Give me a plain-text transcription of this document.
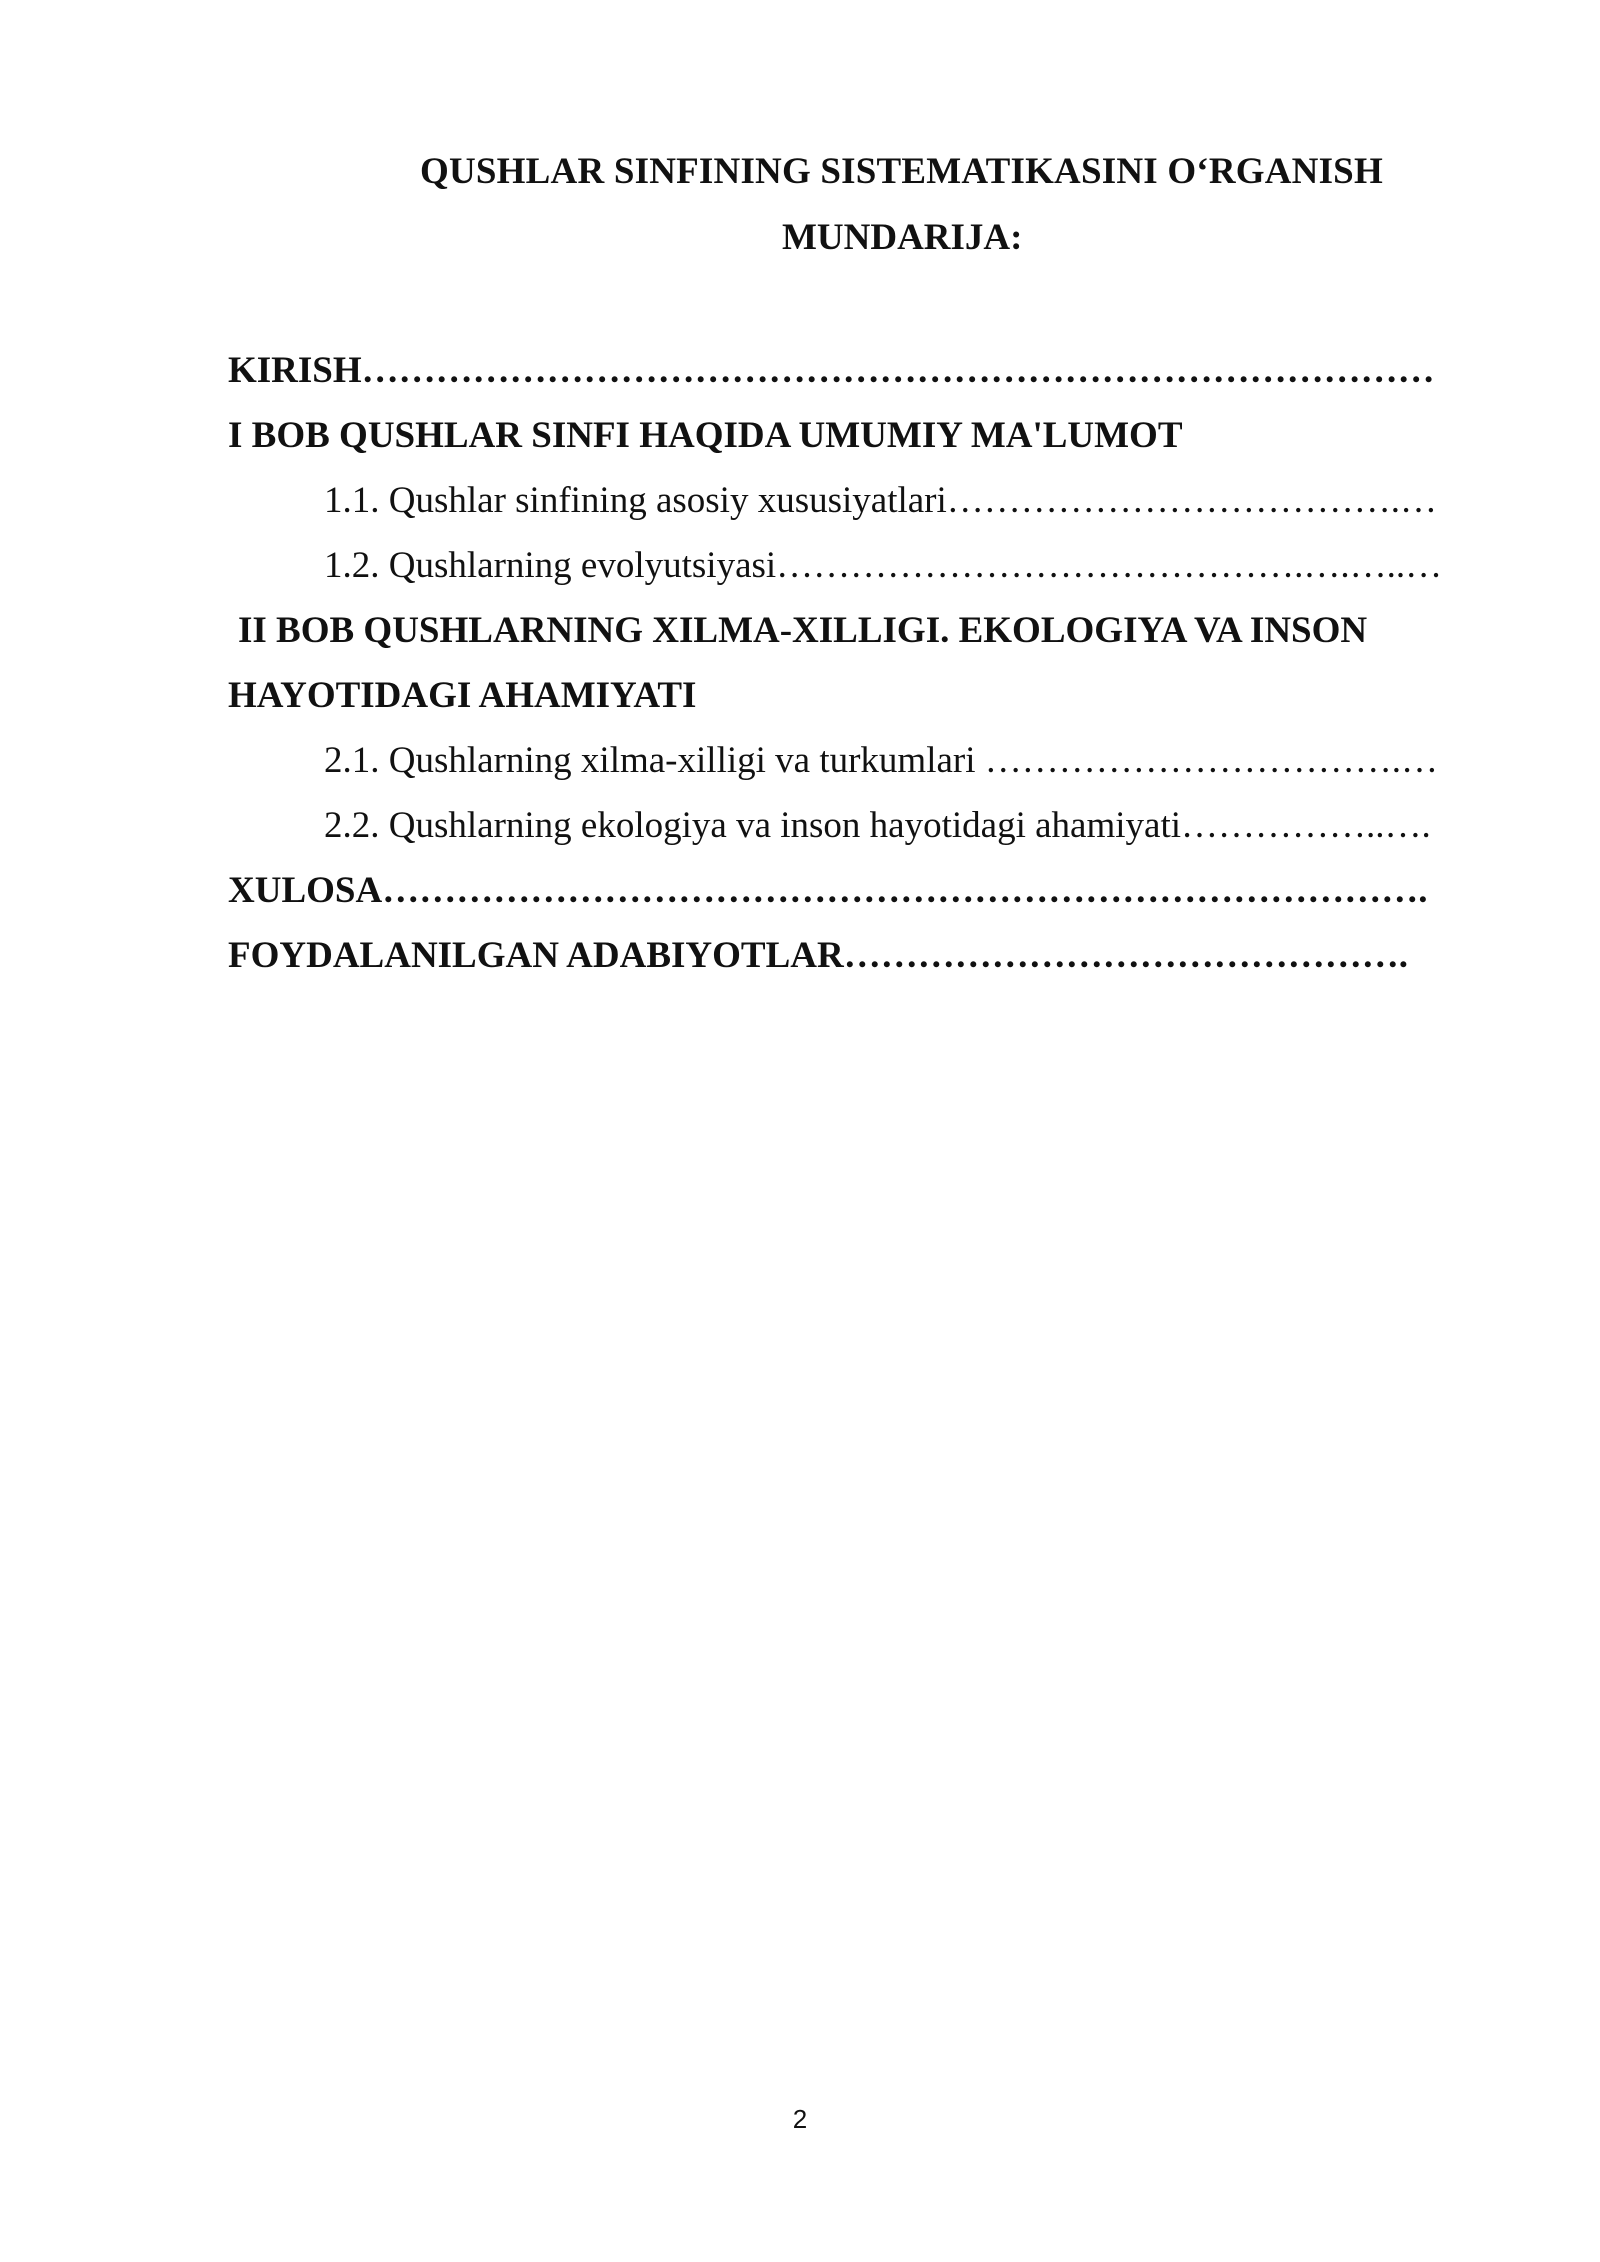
QUSHLAR SINFINING SISTEMATIKASINI O‘RGANISH
MUNDARIJA:
KIRISH……………………………………………………………………………
I BOB QUSHLAR SINFI HAQIDA UMUMIY MA'LUMOT
1.1. Qushlar sinfining asosiy xususiyatlari……………………………….…
1.2. Qushlarning evolyutsiyasi…………………………………….….…..…
II BOB QUSHLARNING XILMA-XILLIGI. EKOLOGIYA VA INSON
HAYOTIDAGI AHAMIYATI
2.1. Qushlarning xilma-xilligi va turkumlari …………………………….…
2.2. Qushlarning ekologiya va inson hayotidagi ahamiyati……………..….
XULOSA………………………………………………………………………….
FOYDALANILGAN ADABIYOTLAR……………………………………….
2
